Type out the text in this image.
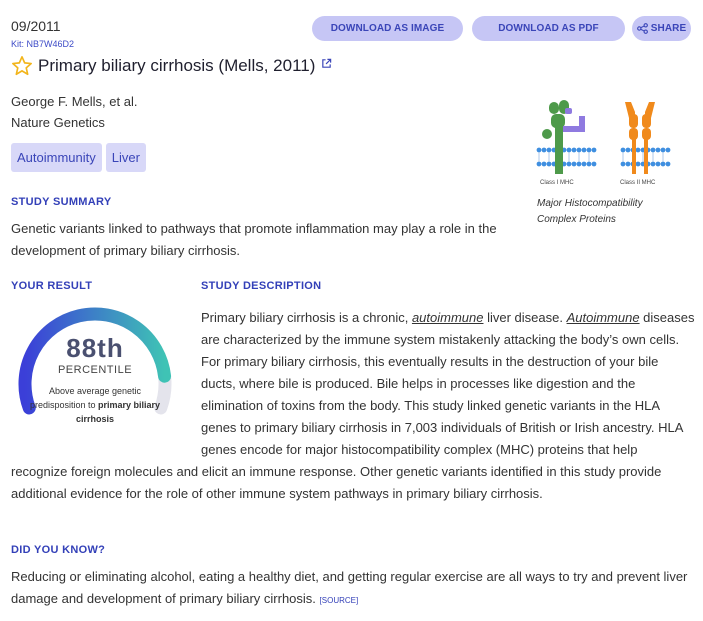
09/2011
Kit: NB7W46D2
DOWNLOAD AS IMAGE	DOWNLOAD AS PDF	SHARE
Primary biliary cirrhosis (Mells, 2011)
George F. Mells, et al.
Nature Genetics
Autoimmunity	Liver
Class I MHC	Class II MHC
Major Histocompatibility
Complex Proteins
STUDY SUMMARY
Genetic variants linked to pathways that promote inflammation may play a role in the development of primary biliary cirrhosis.
YOUR RESULT	STUDY DESCRIPTION
88th
PERCENTILE
Above average genetic predisposition to primary biliary cirrhosis
Primary biliary cirrhosis is a chronic, autoimmune liver disease. Autoimmune diseases are characterized by the immune system mistakenly attacking the body’s own cells. For primary biliary cirrhosis, this eventually results in the destruction of your bile ducts, where bile is produced. Bile helps in processes like digestion and the elimination of toxins from the body. This study linked genetic variants in the HLA genes to primary biliary cirrhosis in 7,003 individuals of British or Irish ancestry. HLA genes encode for major histocompatibility complex (MHC) proteins that help recognize foreign molecules and elicit an immune response. Other genetic variants identified in this study provide additional evidence for the role of other immune system pathways in primary biliary cirrhosis.
DID YOU KNOW?
Reducing or eliminating alcohol, eating a healthy diet, and getting regular exercise are all ways to try and prevent liver damage and development of primary biliary cirrhosis. [SOURCE]
